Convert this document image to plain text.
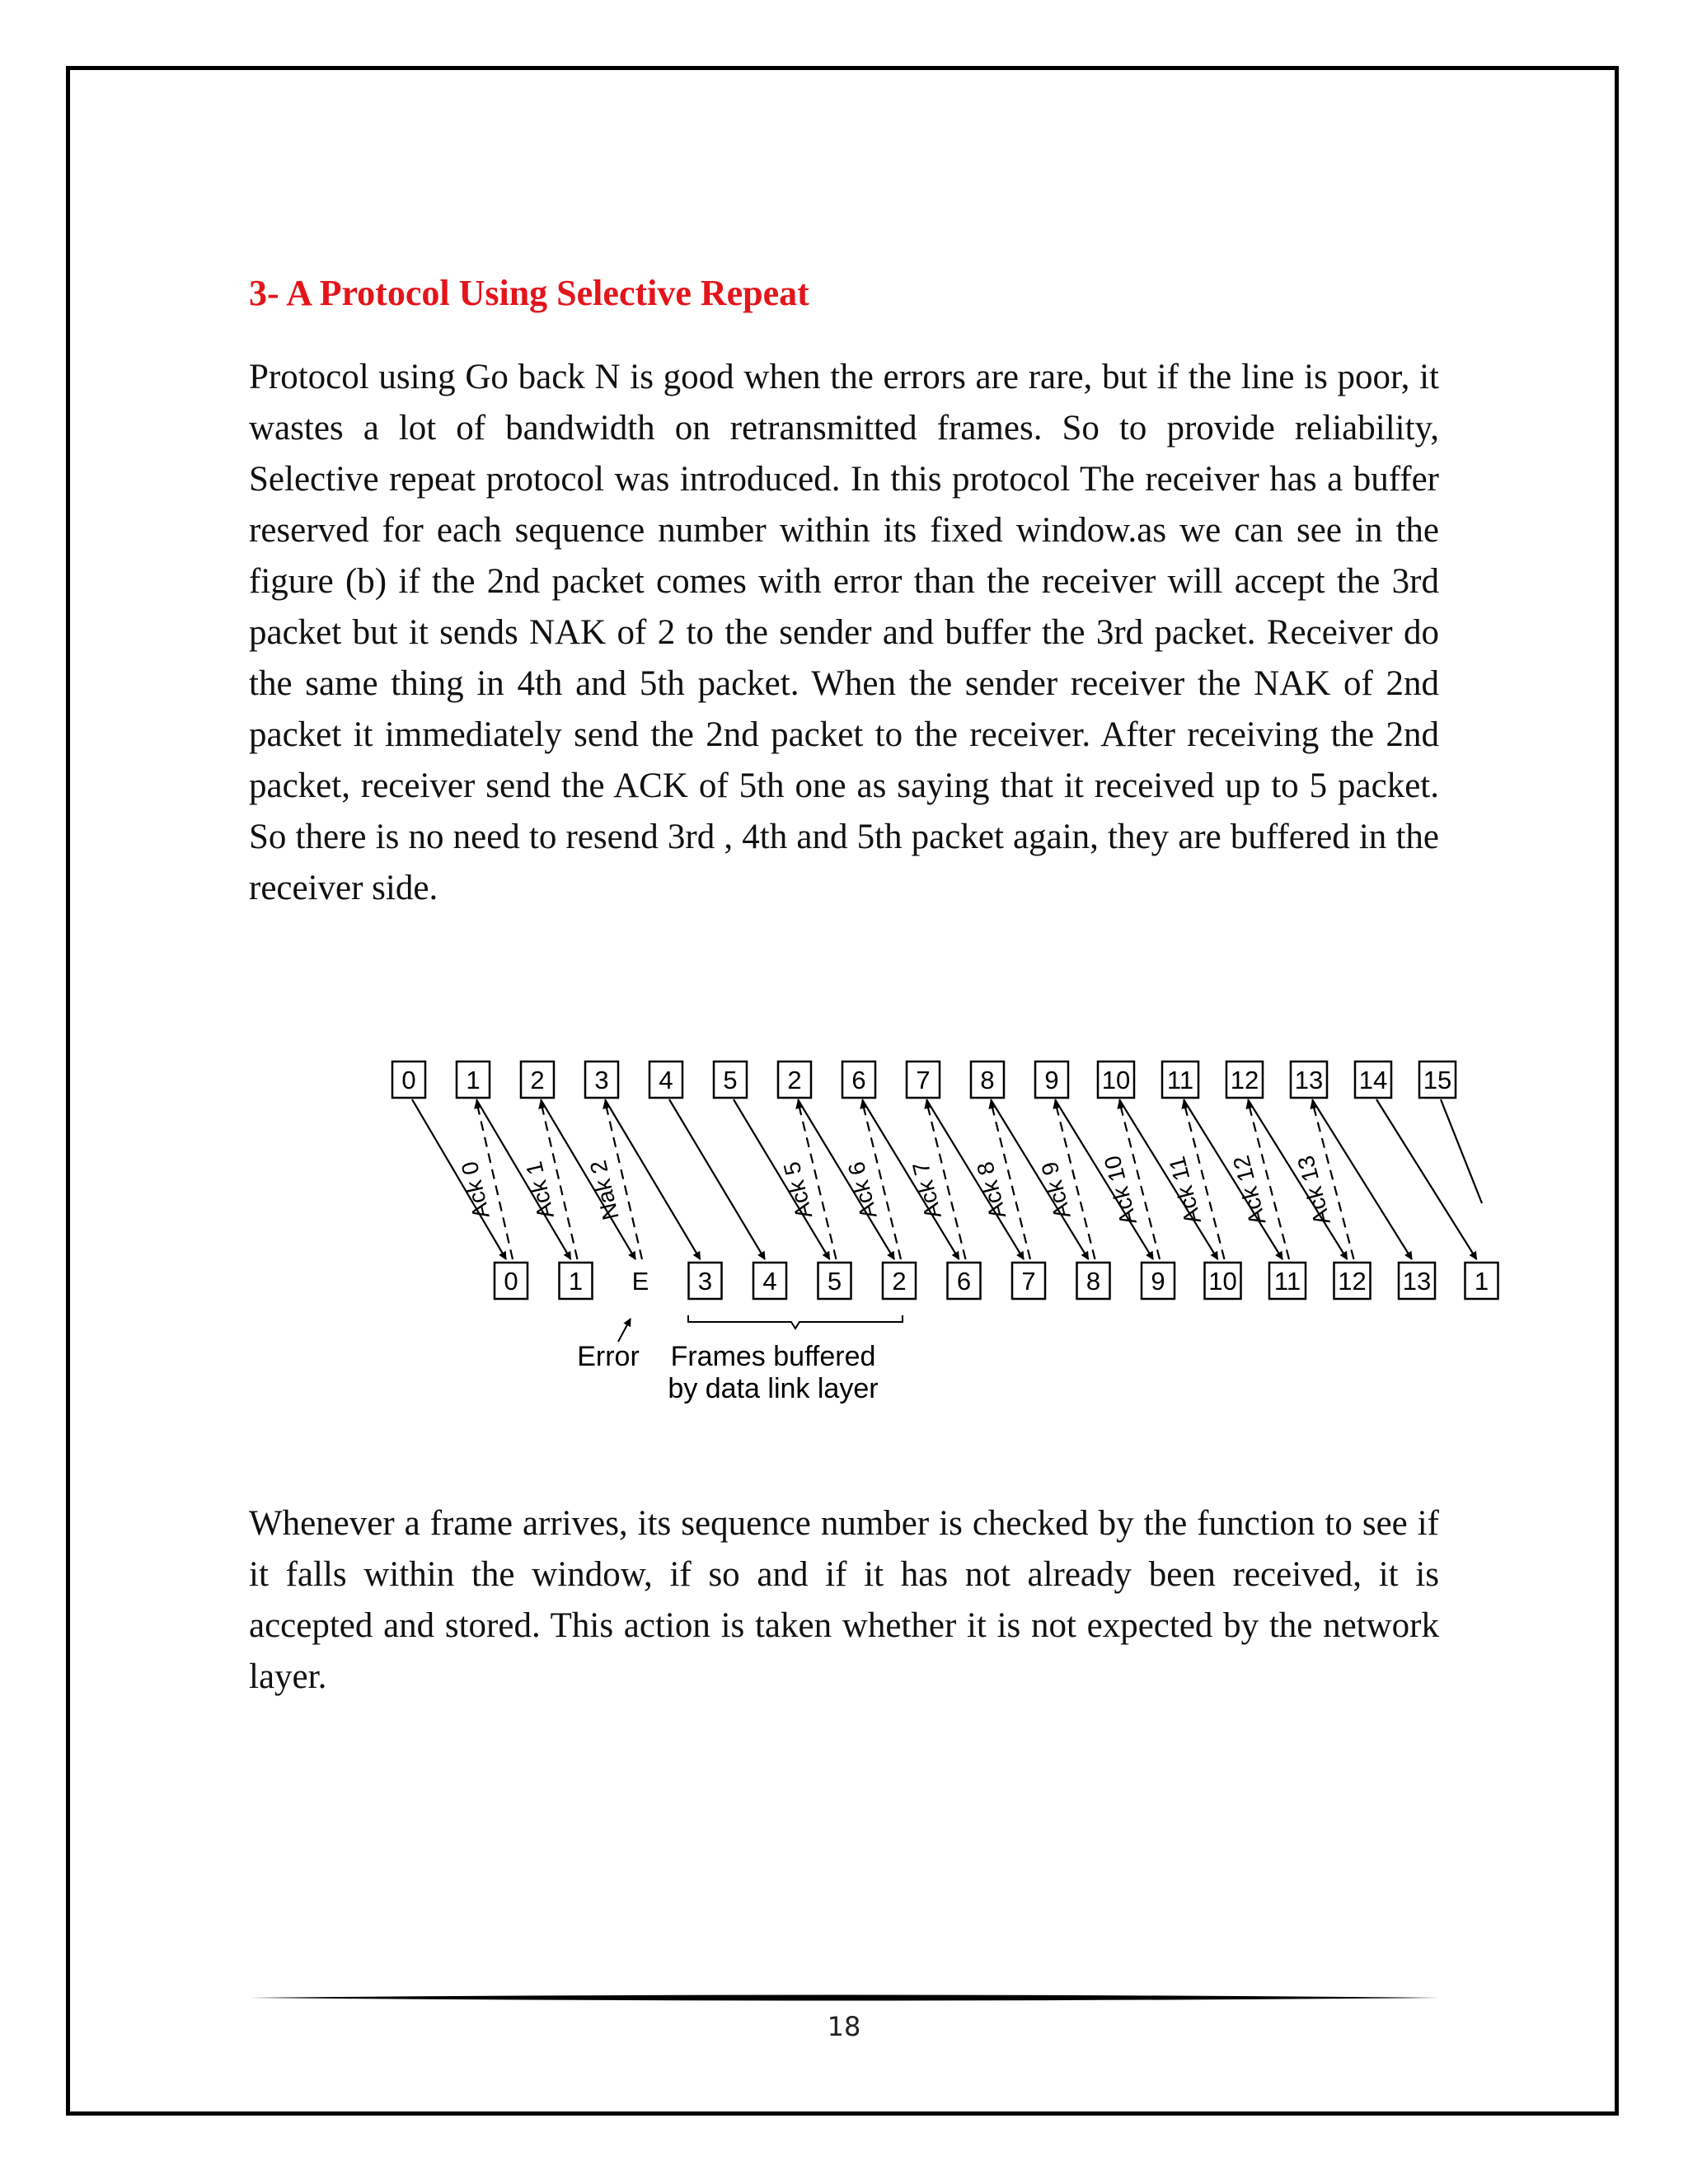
3- A Protocol Using Selective Repeat

Protocol using Go back N is good when the errors are rare, but if the line is poor, it wastes a lot of bandwidth on retransmitted frames. So to provide reliability, Selective repeat protocol was introduced. In this protocol The receiver has a buffer reserved for each sequence number within its fixed window.as we can see in the figure (b) if the 2nd packet comes with error than the receiver will accept the 3rd packet but it sends NAK of 2 to the sender and buffer the 3rd packet. Receiver do the same thing in 4th and 5th packet. When the sender receiver the NAK of 2nd packet it immediately send the 2nd packet to the receiver. After receiving the 2nd packet, receiver send the ACK of 5th one as saying that it received up to 5 packet. So there is no need to resend 3rd , 4th and 5th packet again, they are buffered in the receiver side.

0 1 2 3 4 5 2 6 7 8 9 10 11 12 13 14 15
0 1 E 3 4 5 2 6 7 8 9 10 11 12 13 1
Ack 0 Ack 1 Nak 2	Ack 5 Ack 6 Ack 7 Ack 8 Ack 9 Ack 10 Ack 11 Ack 12 Ack 13
Error Frames buffered
by data link layer

Whenever a frame arrives, its sequence number is checked by the function to see if it falls within the window, if so and if it has not already been received, it is accepted and stored. This action is taken whether it is not expected by the network layer.

18
